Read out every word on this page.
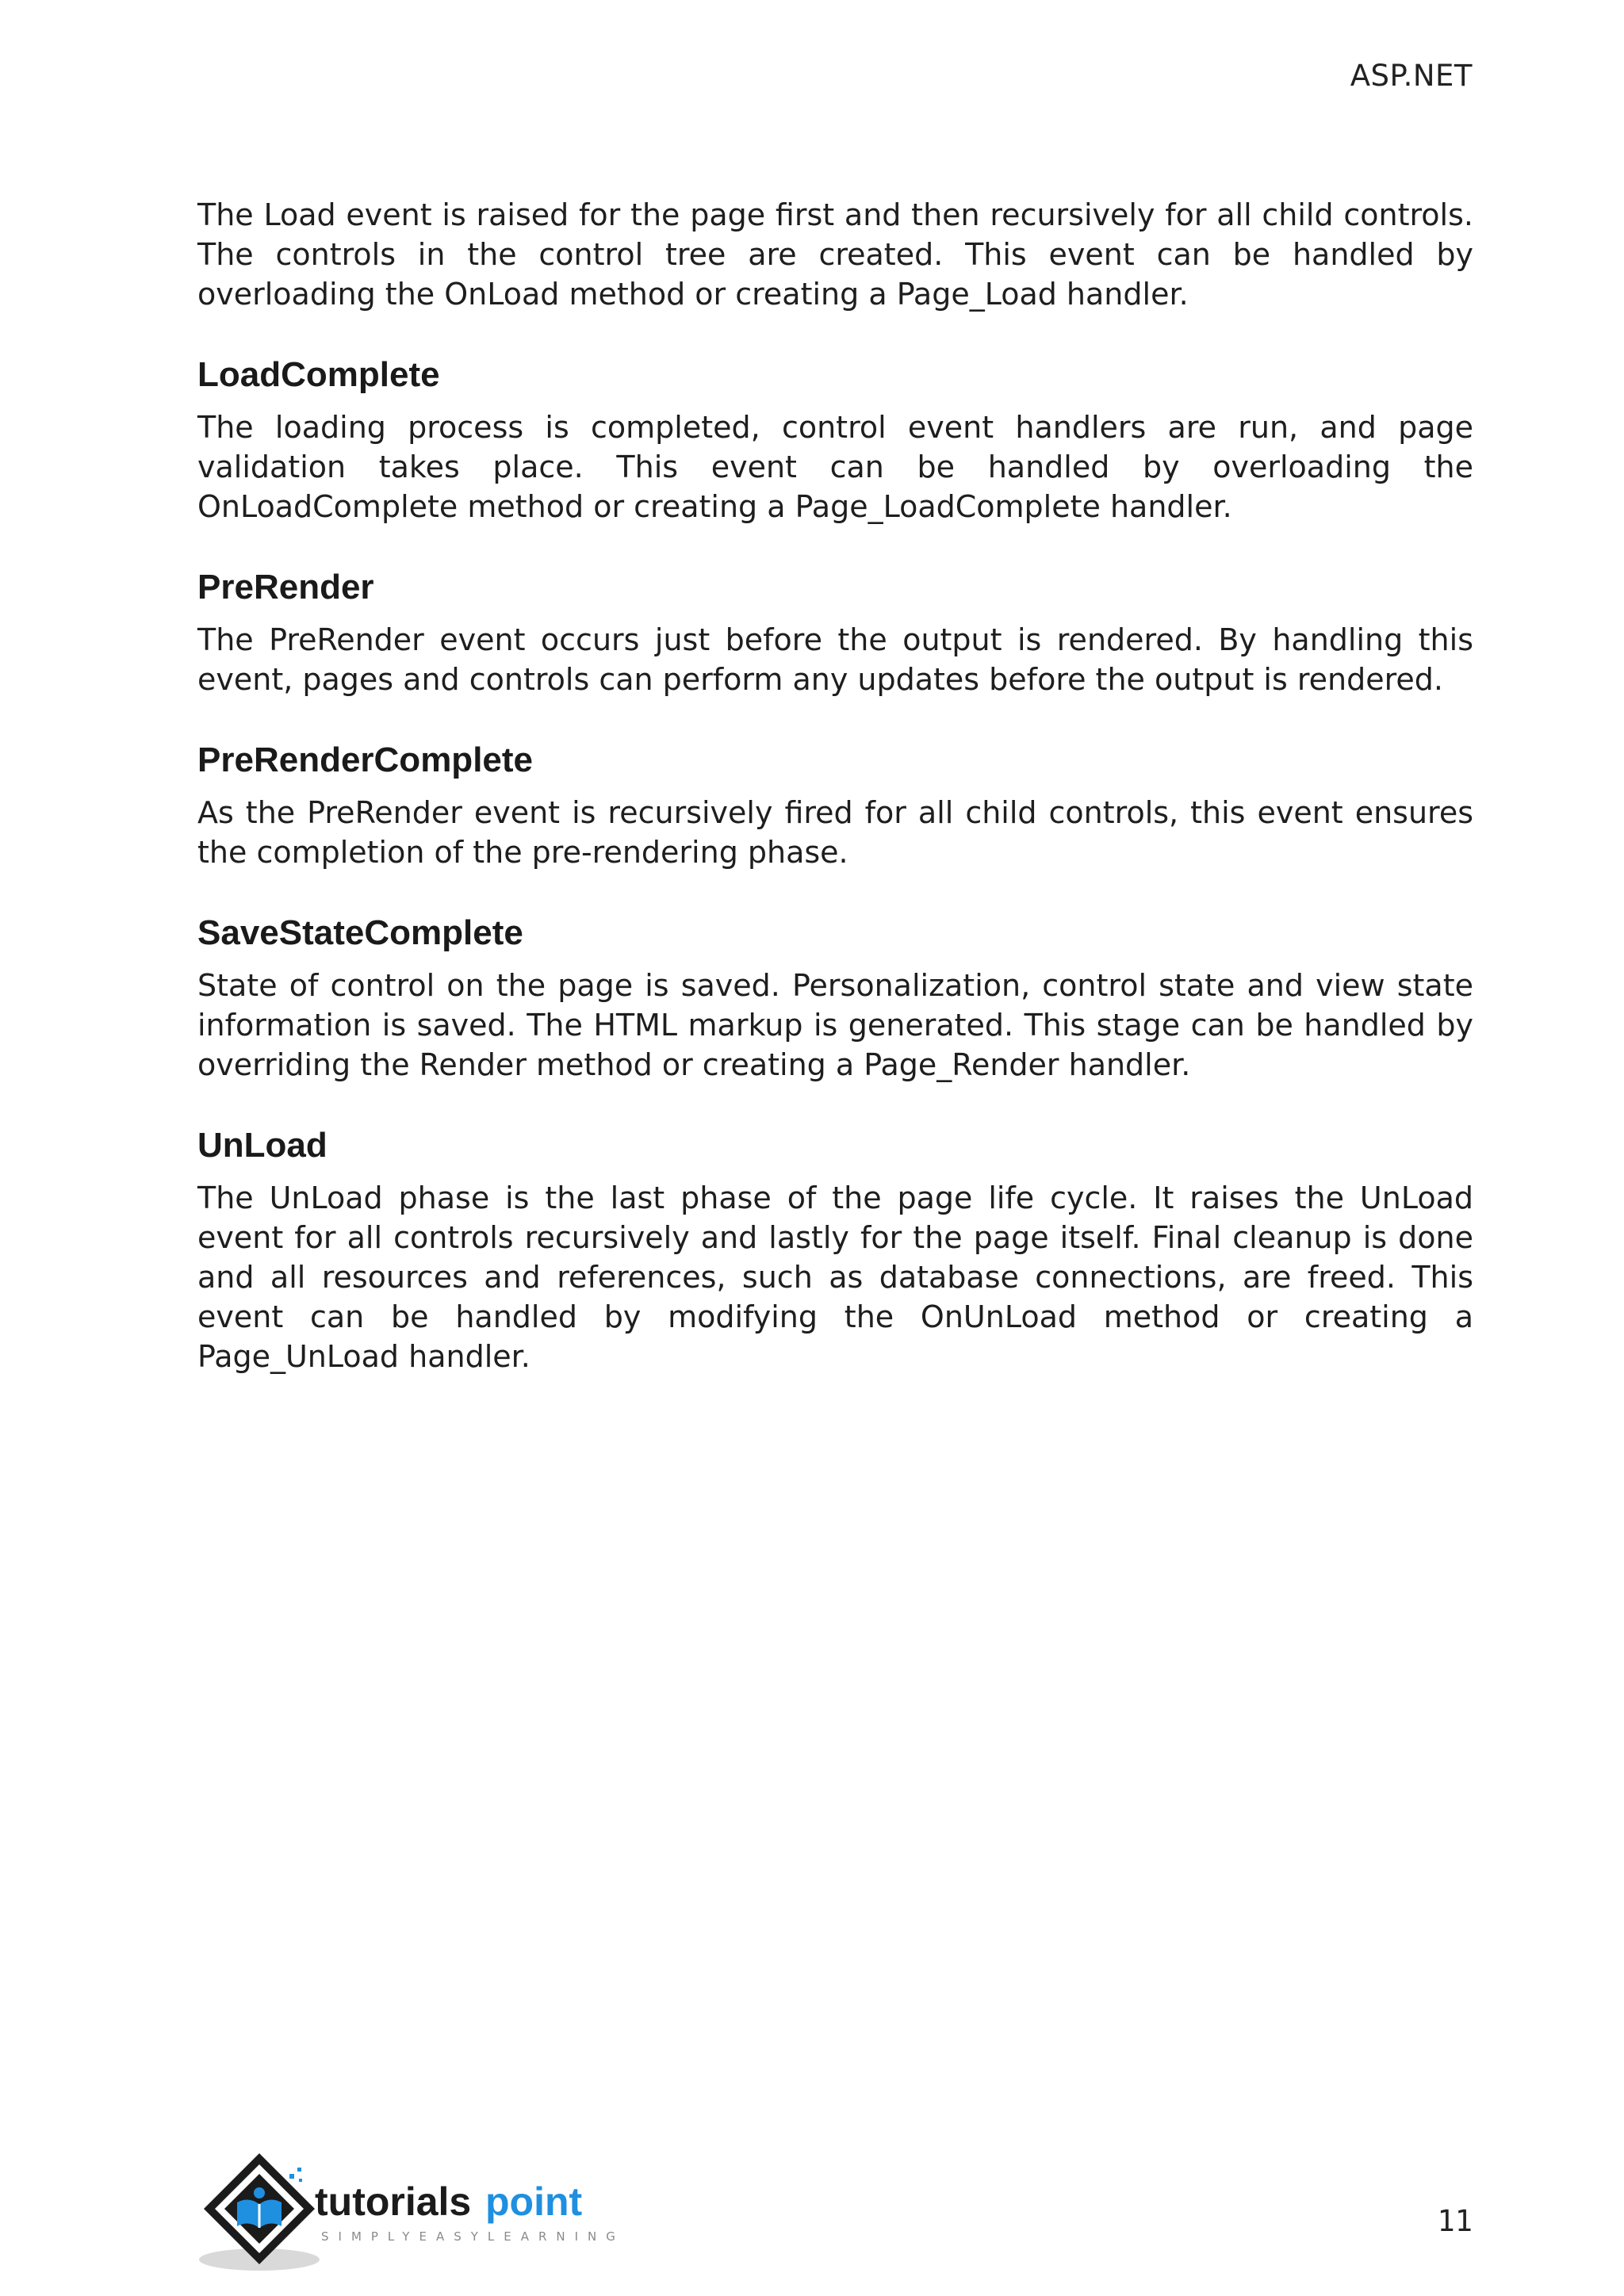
ASP.NET

The Load event is raised for the page first and then recursively for all child controls. The controls in the control tree are created. This event can be handled by overloading the OnLoad method or creating a Page_Load handler.

LoadComplete

The loading process is completed, control event handlers are run, and page validation takes place. This event can be handled by overloading the OnLoadComplete method or creating a Page_LoadComplete handler.

PreRender

The PreRender event occurs just before the output is rendered. By handling this event, pages and controls can perform any updates before the output is rendered.

PreRenderComplete

As the PreRender event is recursively fired for all child controls, this event ensures the completion of the pre-rendering phase.

SaveStateComplete

State of control on the page is saved. Personalization, control state and view state information is saved. The HTML markup is generated. This stage can be handled by overriding the Render method or creating a Page_Render handler.

UnLoad

The UnLoad phase is the last phase of the page life cycle. It raises the UnLoad event for all controls recursively and lastly for the page itself. Final cleanup is done and all resources and references, such as database connections, are freed. This event can be handled by modifying the OnUnLoad method or creating a Page_UnLoad handler.

tutorials point
SIMPLYEASYLEARNING	11
